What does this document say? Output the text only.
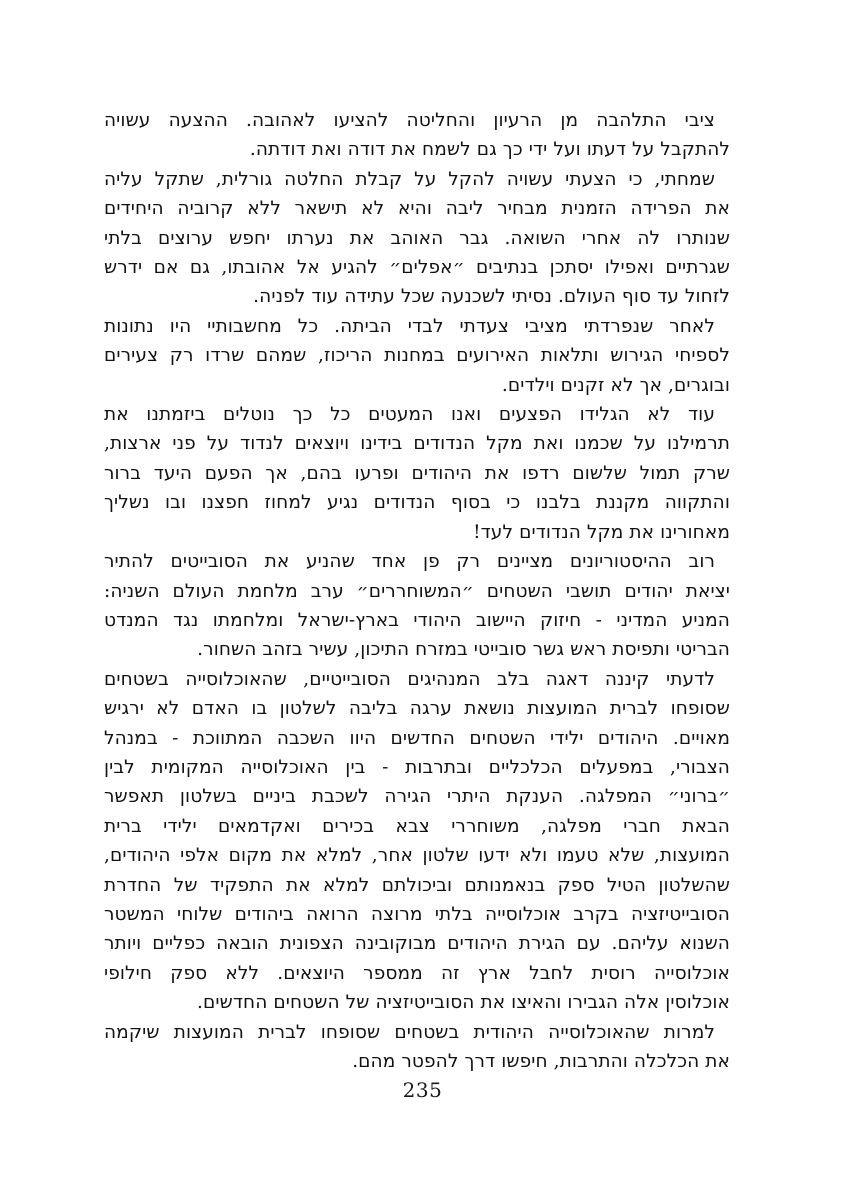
ציבי התלהבה מן הרעיון והחליטה להציעו לאהובה. ההצעה עשויה
להתקבל על דעתו ועל ידי כך גם לשמח את דודה ואת דודתה.
שמחתי, כי הצעתי עשויה להקל על קבלת החלטה גורלית, שתקל עליה
את הפרידה הזמנית מבחיר ליבה והיא לא תישאר ללא קרוביה היחידים
שנותרו לה אחרי השואה. גבר האוהב את נערתו יחפש ערוצים בלתי
שגרתיים ואפילו יסתכן בנתיבים ״אפלים״ להגיע אל אהובתו, גם אם ידרש
לזחול עד סוף העולם. נסיתי לשכנעה שכל עתידה עוד לפניה.
לאחר שנפרדתי מציבי צעדתי לבדי הביתה. כל מחשבותיי היו נתונות
לספיחי הגירוש ותלאות האירועים במחנות הריכוז, שמהם שרדו רק צעירים
ובוגרים, אך לא זקנים וילדים.
עוד לא הגלידו הפצעים ואנו המעטים כל כך נוטלים ביזמתנו את
תרמילנו על שכמנו ואת מקל הנדודים בידינו ויוצאים לנדוד על פני ארצות,
שרק תמול שלשום רדפו את היהודים ופרעו בהם, אך הפעם היעד ברור
והתקווה מקננת בלבנו כי בסוף הנדודים נגיע למחוז חפצנו ובו נשליך
מאחורינו את מקל הנדודים לעד!
רוב ההיסטוריונים מציינים רק פן אחד שהניע את הסובייטים להתיר
יציאת יהודים תושבי השטחים ״המשוחררים״ ערב מלחמת העולם השניה:
המניע המדיני - חיזוק היישוב היהודי בארץ-ישראל ומלחמתו נגד המנדט
הבריטי ותפיסת ראש גשר סובייטי במזרח התיכון, עשיר בזהב השחור.
לדעתי קיננה דאגה בלב המנהיגים הסובייטיים, שהאוכלוסייה בשטחים
שסופחו לברית המועצות נושאת ערגה בליבה לשלטון בו האדם לא ירגיש
מאויים. היהודים ילידי השטחים החדשים היוו השכבה המתווכת - במנהל
הצבורי, במפעלים הכלכליים ובתרבות - בין האוכלוסייה המקומית לבין
״ברוני״ המפלגה. הענקת היתרי הגירה לשכבת ביניים בשלטון תאפשר
הבאת חברי מפלגה, משוחררי צבא בכירים ואקדמאים ילידי ברית
המועצות, שלא טעמו ולא ידעו שלטון אחר, למלא את מקום אלפי היהודים,
שהשלטון הטיל ספק בנאמנותם וביכולתם למלא את התפקיד של החדרת
הסובייטיזציה בקרב אוכלוסייה בלתי מרוצה הרואה ביהודים שלוחי המשטר
השנוא עליהם. עם הגירת היהודים מבוקובינה הצפונית הובאה כפליים ויותר
אוכלוסייה רוסית לחבל ארץ זה ממספר היוצאים. ללא ספק חילופי
אוכלוסין אלה הגבירו והאיצו את הסובייטיזציה של השטחים החדשים.
למרות שהאוכלוסייה היהודית בשטחים שסופחו לברית המועצות שיקמה
את הכלכלה והתרבות, חיפשו דרך להפטר מהם.
235
